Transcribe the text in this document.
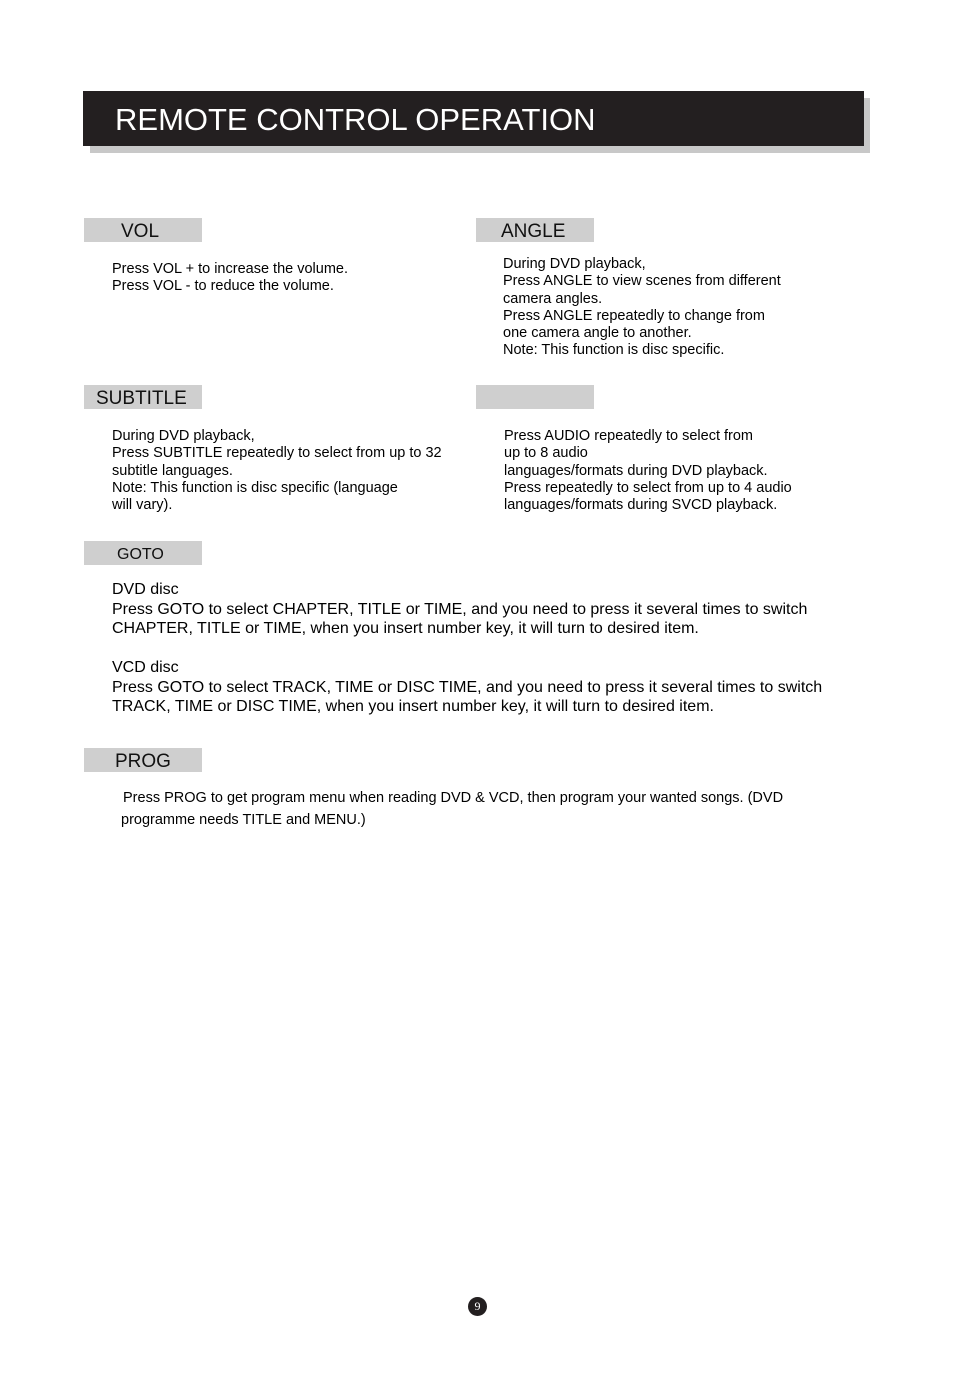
REMOTE CONTROL OPERATION
VOL
Press VOL + to increase the volume.
Press VOL - to reduce the volume.
ANGLE
During DVD playback,
Press ANGLE to view scenes from different
camera angles.
Press ANGLE repeatedly to change from
one camera angle to another.
Note: This function is disc specific.
SUBTITLE
During DVD playback,
Press SUBTITLE repeatedly to select from up to 32
subtitle languages.
Note: This function is disc specific (language
will vary).
Press AUDIO repeatedly to select from
up to 8 audio
languages/formats during DVD playback.
Press repeatedly to select from up to 4 audio
languages/formats during SVCD playback.
GOTO
DVD disc
Press GOTO to select CHAPTER, TITLE or TIME, and you need to press it several times to switch
CHAPTER, TITLE or TIME, when you insert number key, it will turn to desired item.
VCD disc
Press GOTO to select TRACK, TIME or DISC TIME, and you need to press it several times to switch
TRACK, TIME or DISC TIME, when you insert number key, it will turn to desired item.
PROG
Press PROG to get program menu when reading DVD & VCD, then program your wanted songs. (DVD
programme needs TITLE and MENU.)
9
